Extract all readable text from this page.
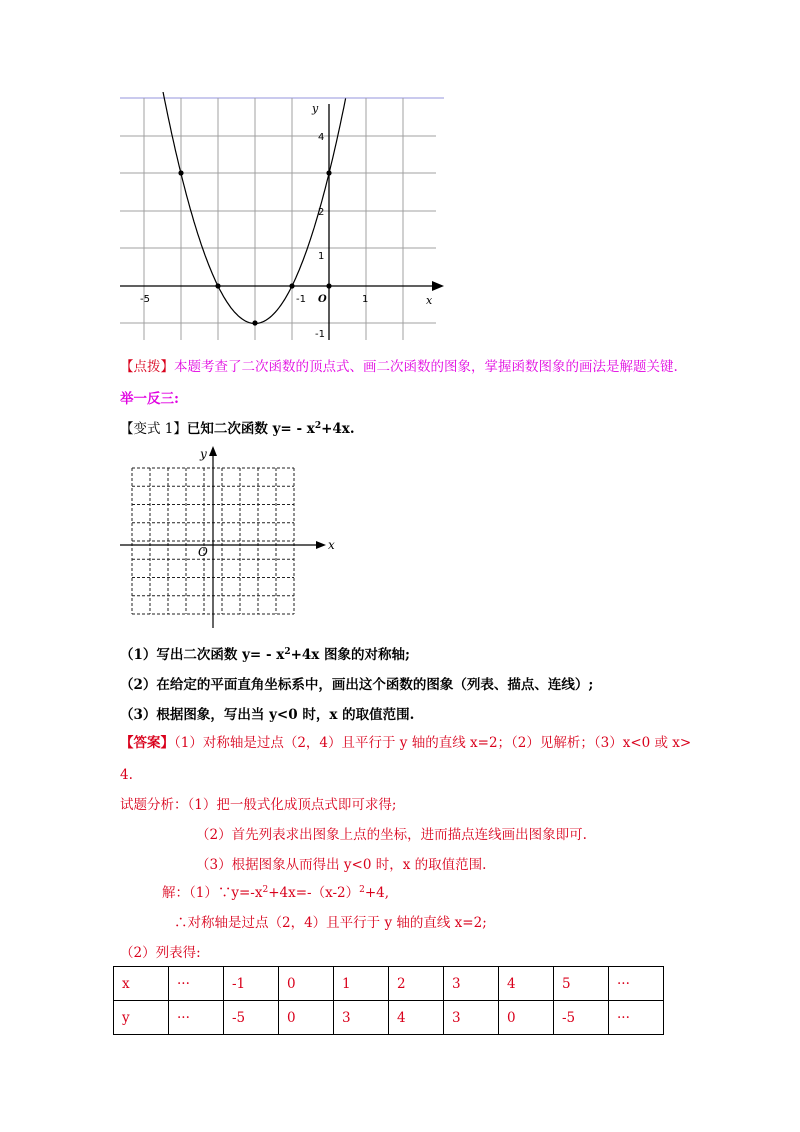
-5	-1 O	1	x
4
2
1
-1
y
【点拨】本题考查了二次函数的顶点式、画二次函数的图象，掌握函数图象的画法是解题关键.
举一反三:
【变式 1】已知二次函数 $y= - x^2+4x$.
x
y
O
（1）写出二次函数 $y= - x^2+4x$ 图象的对称轴;
（2）在给定的平面直角坐标系中，画出这个函数的图象（列表、描点、连线）;
（3）根据图象，写出当 y<0 时，x 的取值范围.
【答案】（1）对称轴是过点（2，4）且平行于 y 轴的直线 x=2；（2）见解析；（3）x<0 或 x>
4.
试题分析：（1）把一般式化成顶点式即可求得;
（2）首先列表求出图象上点的坐标，进而描点连线画出图象即可.
（3）根据图象从而得出 y<0 时，x 的取值范围.
解：$(1)\because y=-x^2+4x=-(x-2)^2+4$,
∴对称轴是过点（2，4）且平行于 y 轴的直线 x=2;
（2）列表得:
x	···	-1	0	1	2	3	4	5	···
y	···	-5	0	3	4	3	0	-5	···
